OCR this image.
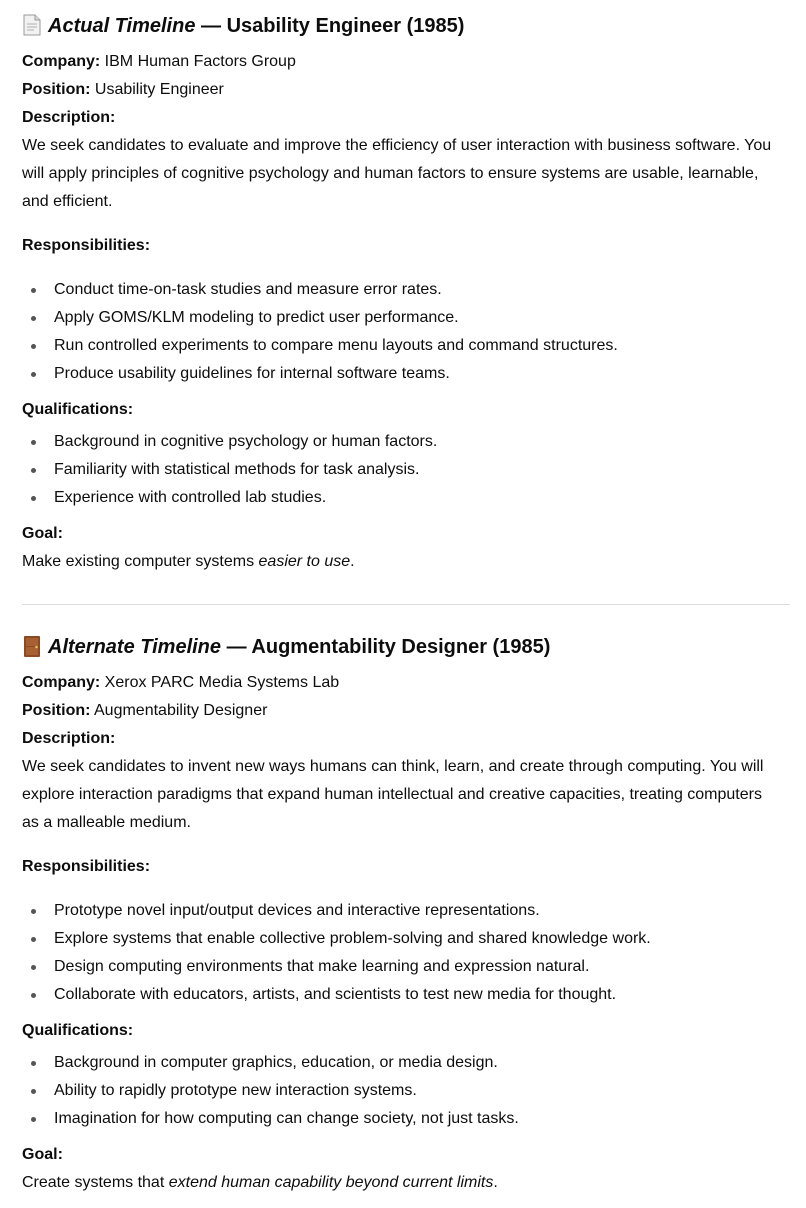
Actual Timeline — Usability Engineer (1985)
Company: IBM Human Factors Group
Position: Usability Engineer
Description:
We seek candidates to evaluate and improve the efficiency of user interaction with business software. You
will apply principles of cognitive psychology and human factors to ensure systems are usable, learnable,
and efficient.
Responsibilities:
Conduct time-on-task studies and measure error rates.
Apply GOMS/KLM modeling to predict user performance.
Run controlled experiments to compare menu layouts and command structures.
Produce usability guidelines for internal software teams.
Qualifications:
Background in cognitive psychology or human factors.
Familiarity with statistical methods for task analysis.
Experience with controlled lab studies.
Goal:
Make existing computer systems easier to use.
Alternate Timeline — Augmentability Designer (1985)
Company: Xerox PARC Media Systems Lab
Position: Augmentability Designer
Description:
We seek candidates to invent new ways humans can think, learn, and create through computing. You will
explore interaction paradigms that expand human intellectual and creative capacities, treating computers
as a malleable medium.
Responsibilities:
Prototype novel input/output devices and interactive representations.
Explore systems that enable collective problem-solving and shared knowledge work.
Design computing environments that make learning and expression natural.
Collaborate with educators, artists, and scientists to test new media for thought.
Qualifications:
Background in computer graphics, education, or media design.
Ability to rapidly prototype new interaction systems.
Imagination for how computing can change society, not just tasks.
Goal:
Create systems that extend human capability beyond current limits.
